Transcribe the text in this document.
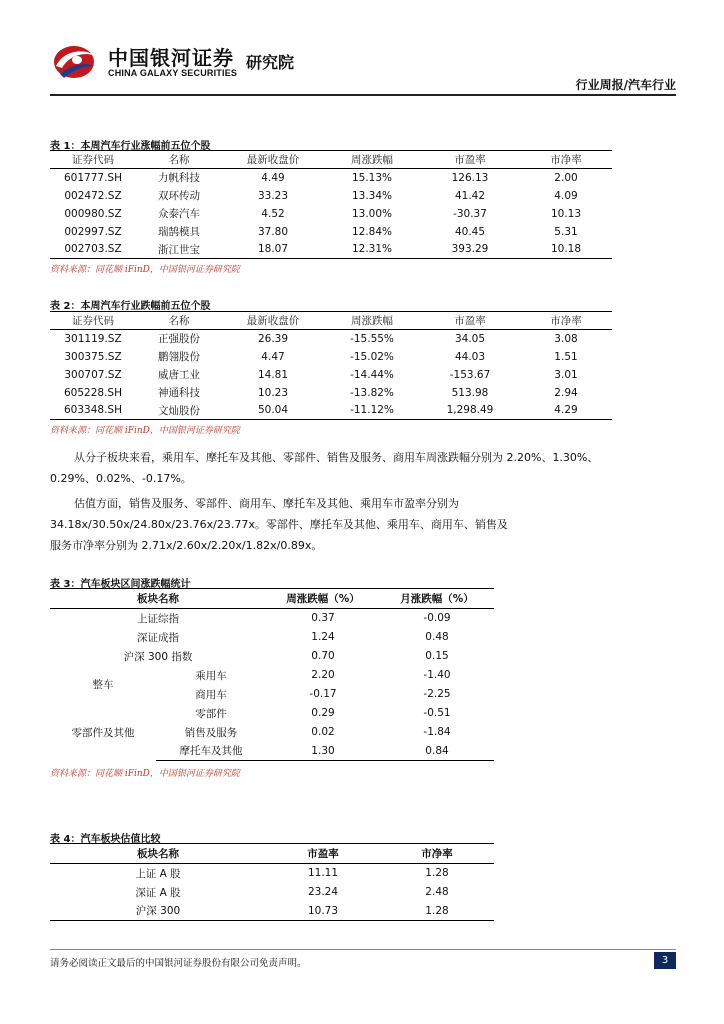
中国银河证券 研究院
CHINA GALAXY SECURITIES
行业周报/汽车行业
表 1：本周汽车行业涨幅前五位个股
证券代码	名称	最新收盘价	周涨跌幅	市盈率	市净率
601777.SH	力帆科技	4.49	15.13%	126.13	2.00
002472.SZ	双环传动	33.23	13.34%	41.42	4.09
000980.SZ	众泰汽车	4.52	13.00%	-30.37	10.13
002997.SZ	瑞鹄模具	37.80	12.84%	40.45	5.31
002703.SZ	浙江世宝	18.07	12.31%	393.29	10.18
资料来源：同花顺 iFinD，中国银河证券研究院
表 2：本周汽车行业跌幅前五位个股
证券代码	名称	最新收盘价	周涨跌幅	市盈率	市净率
301119.SZ	正强股份	26.39	-15.55%	34.05	3.08
300375.SZ	鹏翎股份	4.47	-15.02%	44.03	1.51
300707.SZ	威唐工业	14.81	-14.44%	-153.67	3.01
605228.SH	神通科技	10.23	-13.82%	513.98	2.94
603348.SH	文灿股份	50.04	-11.12%	1,298.49	4.29
资料来源：同花顺 iFinD，中国银河证券研究院
从分子板块来看，乘用车、摩托车及其他、零部件、销售及服务、商用车周涨跌幅分别为 2.20%、1.30%、0.29%、0.02%、-0.17%。
估值方面，销售及服务、零部件、商用车、摩托车及其他、乘用车市盈率分别为
34.18x/30.50x/24.80x/23.76x/23.77x。零部件、摩托车及其他、乘用车、商用车、销售及
服务市净率分别为 2.71x/2.60x/2.20x/1.82x/0.89x。
表 3：汽车板块区间涨跌幅统计
板块名称		周涨跌幅（%）	月涨跌幅（%）
上证综指		0.37	-0.09
深证成指		1.24	0.48
沪深 300 指数		0.70	0.15
整车	乘用车	2.20	-1.40
	商用车	-0.17	-2.25
零部件及其他	零部件	0.29	-0.51
	销售及服务	0.02	-1.84
	摩托车及其他	1.30	0.84
资料来源：同花顺 iFinD，中国银河证券研究院
表 4：汽车板块估值比较
板块名称	市盈率	市净率
上证 A 股	11.11	1.28
深证 A 股	23.24	2.48
沪深 300	10.73	1.28
请务必阅读正文最后的中国银河证券股份有限公司免责声明。	3
